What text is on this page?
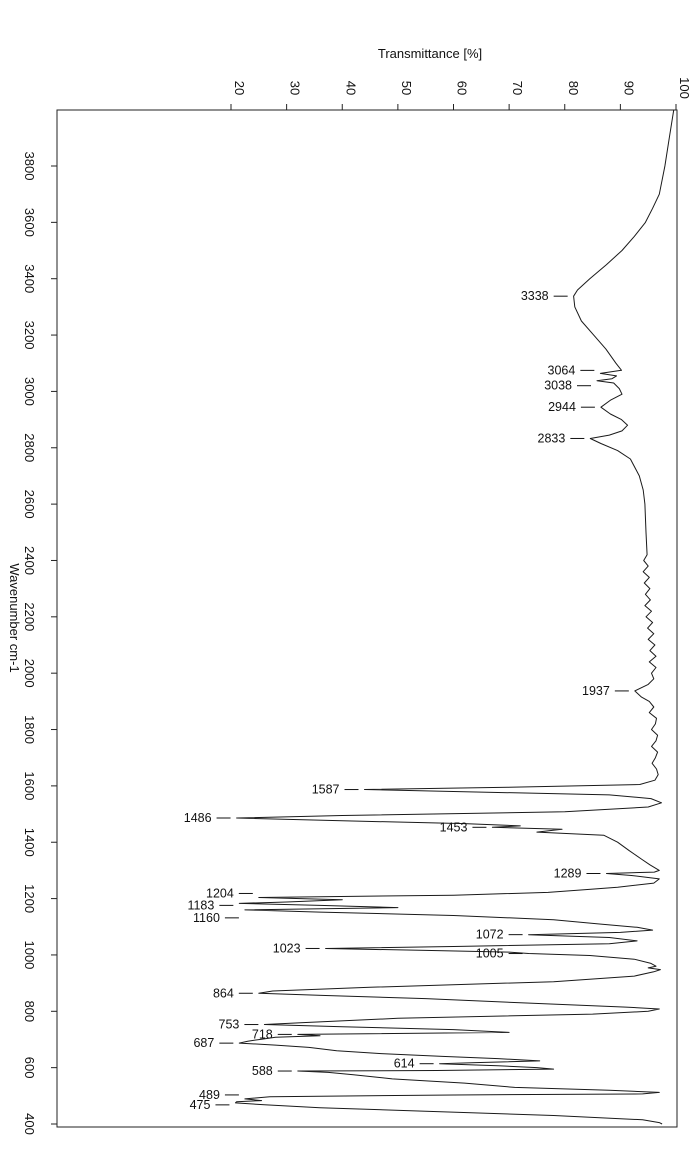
20	30	40	50	60	70	80	90	100
3800
3600
3400
3200
3000
2800
2600
2400
2200
2000
1800
1600
1400
1200
1000
800
600
400
Transmittance [%]
Wavenumber cm-1
3338
3064
3038
2944
2833
1937
1587
1486
1453
1289
1204
1183
1160
1072
1023	1005
864
753
718
687
614
588
489
475
